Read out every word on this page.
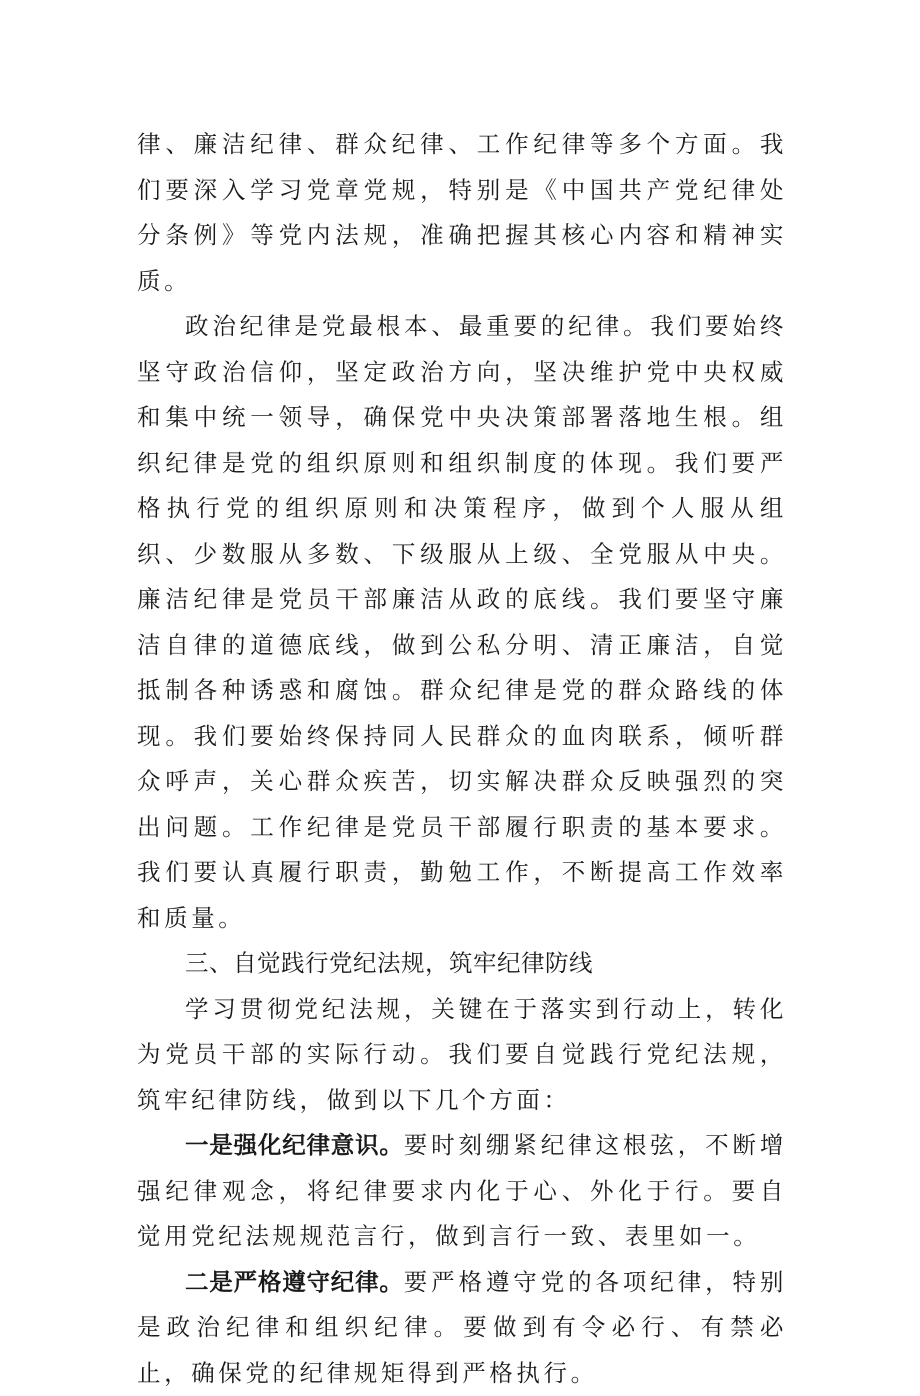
律、廉洁纪律、群众纪律、工作纪律等多个方面。我们要深入学习党章党规，特别是《中国共产党纪律处分条例》等党内法规，准确把握其核心内容和精神实质。

政治纪律是党最根本、最重要的纪律。我们要始终坚守政治信仰，坚定政治方向，坚决维护党中央权威和集中统一领导，确保党中央决策部署落地生根。组织纪律是党的组织原则和组织制度的体现。我们要严格执行党的组织原则和决策程序，做到个人服从组织、少数服从多数、下级服从上级、全党服从中央。廉洁纪律是党员干部廉洁从政的底线。我们要坚守廉洁自律的道德底线，做到公私分明、清正廉洁，自觉抵制各种诱惑和腐蚀。群众纪律是党的群众路线的体现。我们要始终保持同人民群众的血肉联系，倾听群众呼声，关心群众疾苦，切实解决群众反映强烈的突出问题。工作纪律是党员干部履行职责的基本要求。我们要认真履行职责，勤勉工作，不断提高工作效率和质量。

三、自觉践行党纪法规，筑牢纪律防线

学习贯彻党纪法规，关键在于落实到行动上，转化为党员干部的实际行动。我们要自觉践行党纪法规，筑牢纪律防线，做到以下几个方面：

一是强化纪律意识。要时刻绷紧纪律这根弦，不断增强纪律观念，将纪律要求内化于心、外化于行。要自觉用党纪法规规范言行，做到言行一致、表里如一。

二是严格遵守纪律。要严格遵守党的各项纪律，特别是政治纪律和组织纪律。要做到有令必行、有禁必止，确保党的纪律规矩得到严格执行。
